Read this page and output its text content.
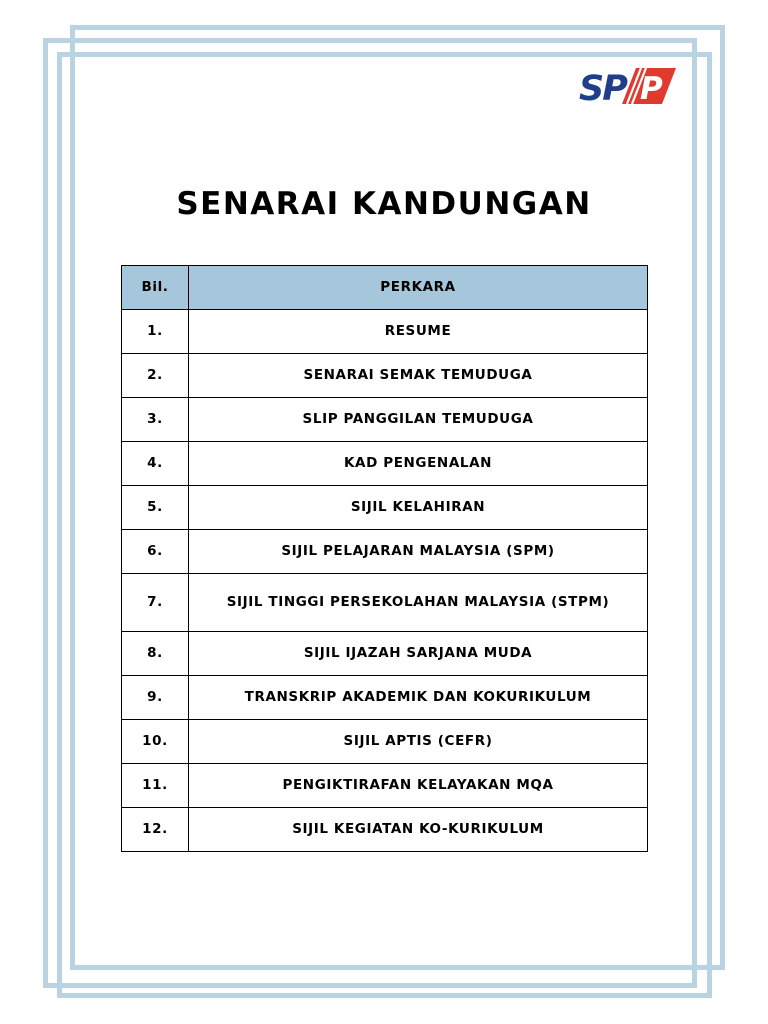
SP P
SENARAI KANDUNGAN
Bil.	PERKARA
1.	RESUME
2.	SENARAI SEMAK TEMUDUGA
3.	SLIP PANGGILAN TEMUDUGA
4.	KAD PENGENALAN
5.	SIJIL KELAHIRAN
6.	SIJIL PELAJARAN MALAYSIA (SPM)
7.	SIJIL TINGGI PERSEKOLAHAN MALAYSIA (STPM)
8.	SIJIL IJAZAH SARJANA MUDA
9.	TRANSKRIP AKADEMIK DAN KOKURIKULUM
10.	SIJIL APTIS (CEFR)
11.	PENGIKTIRAFAN KELAYAKAN MQA
12.	SIJIL KEGIATAN KO-KURIKULUM
